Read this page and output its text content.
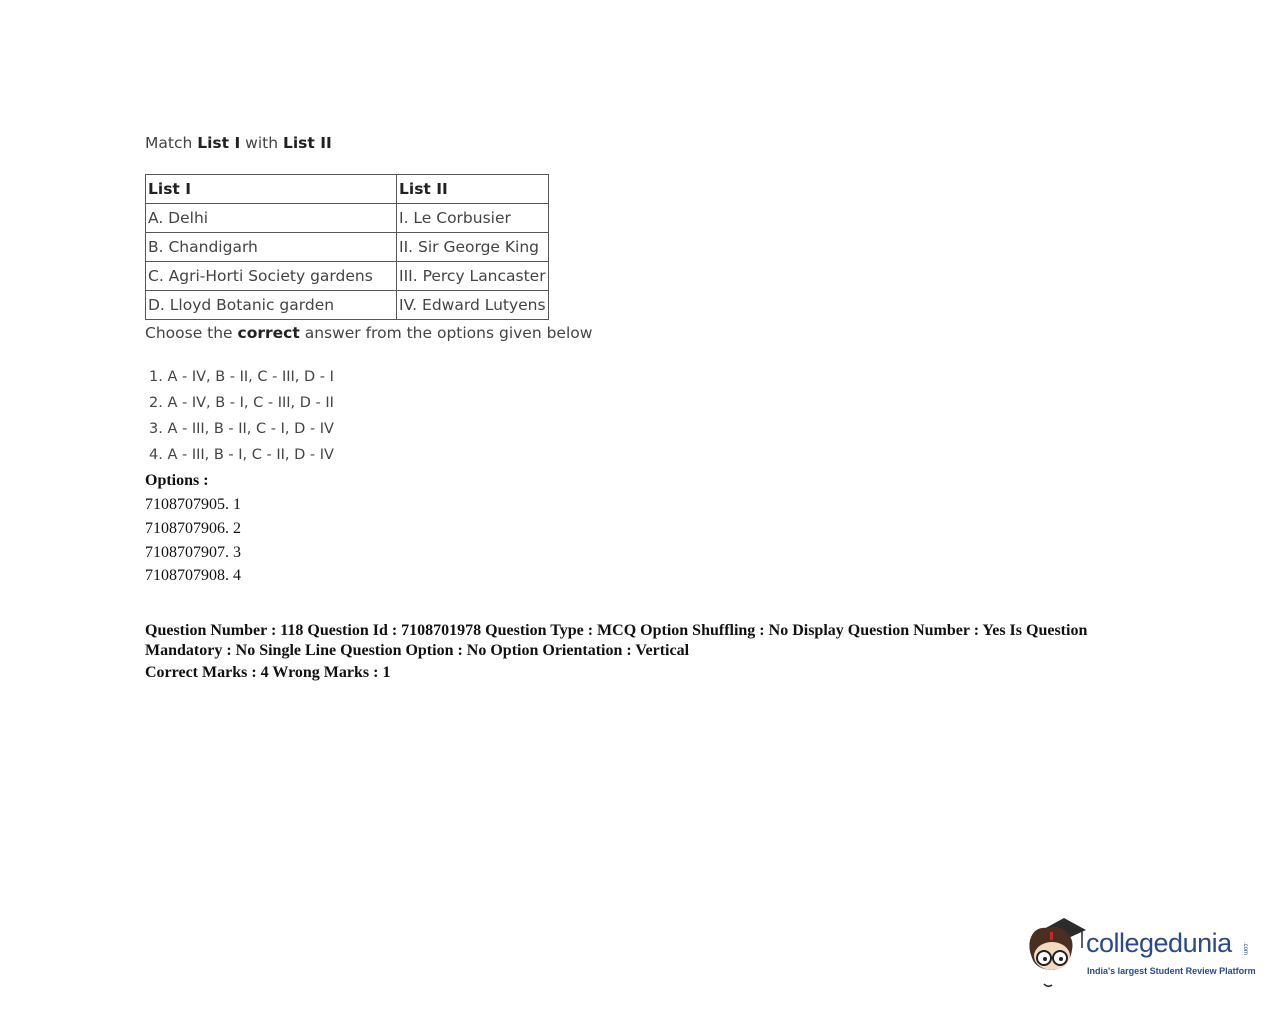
Match List I with List II
List I	List II
A. Delhi	I. Le Corbusier
B. Chandigarh	II. Sir George King
C. Agri-Horti Society gardens	III. Percy Lancaster
D. Lloyd Botanic garden	IV. Edward Lutyens
Choose the correct answer from the options given below
1. A - IV, B - II, C - III, D - I
2. A - IV, B - I, C - III, D - II
3. A - III, B - II, C - I, D - IV
4. A - III, B - I, C - II, D - IV
Options :
7108707905. 1
7108707906. 2
7108707907. 3
7108707908. 4
Question Number : 118 Question Id : 7108701978 Question Type : MCQ Option Shuffling : No Display Question Number : Yes Is Question Mandatory : No Single Line Question Option : No Option Orientation : Vertical
Correct Marks : 4 Wrong Marks : 1
collegedunia .com
India's largest Student Review Platform
